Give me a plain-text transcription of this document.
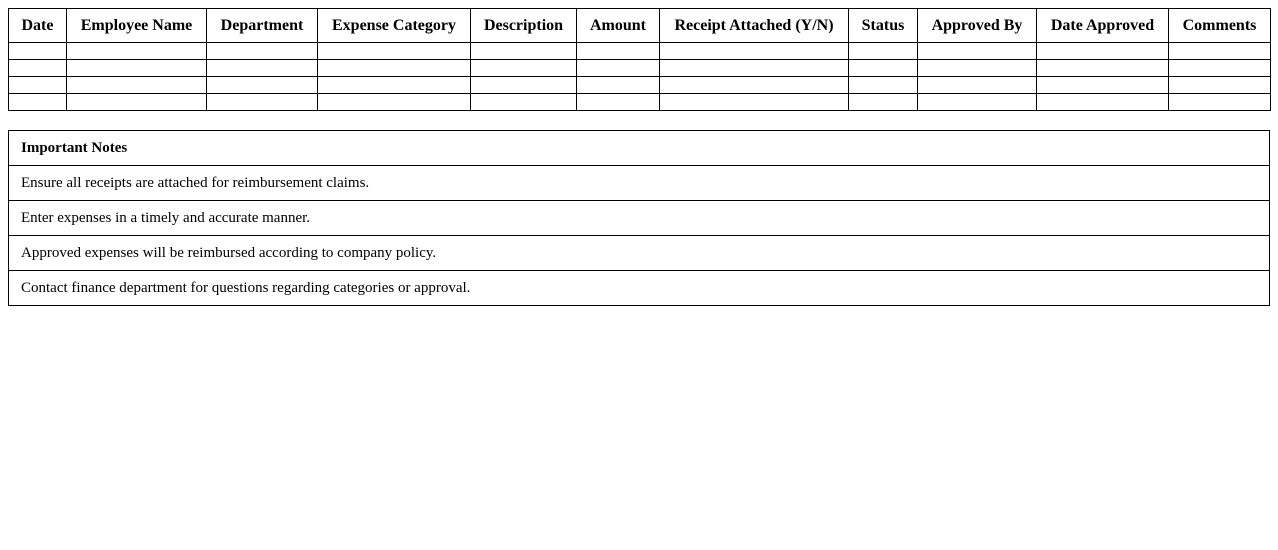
Date	Employee Name	Department	Expense Category	Description	Amount	Receipt Attached (Y/N)	Status	Approved By	Date Approved	Comments

Important Notes
Ensure all receipts are attached for reimbursement claims.
Enter expenses in a timely and accurate manner.
Approved expenses will be reimbursed according to company policy.
Contact finance department for questions regarding categories or approval.
